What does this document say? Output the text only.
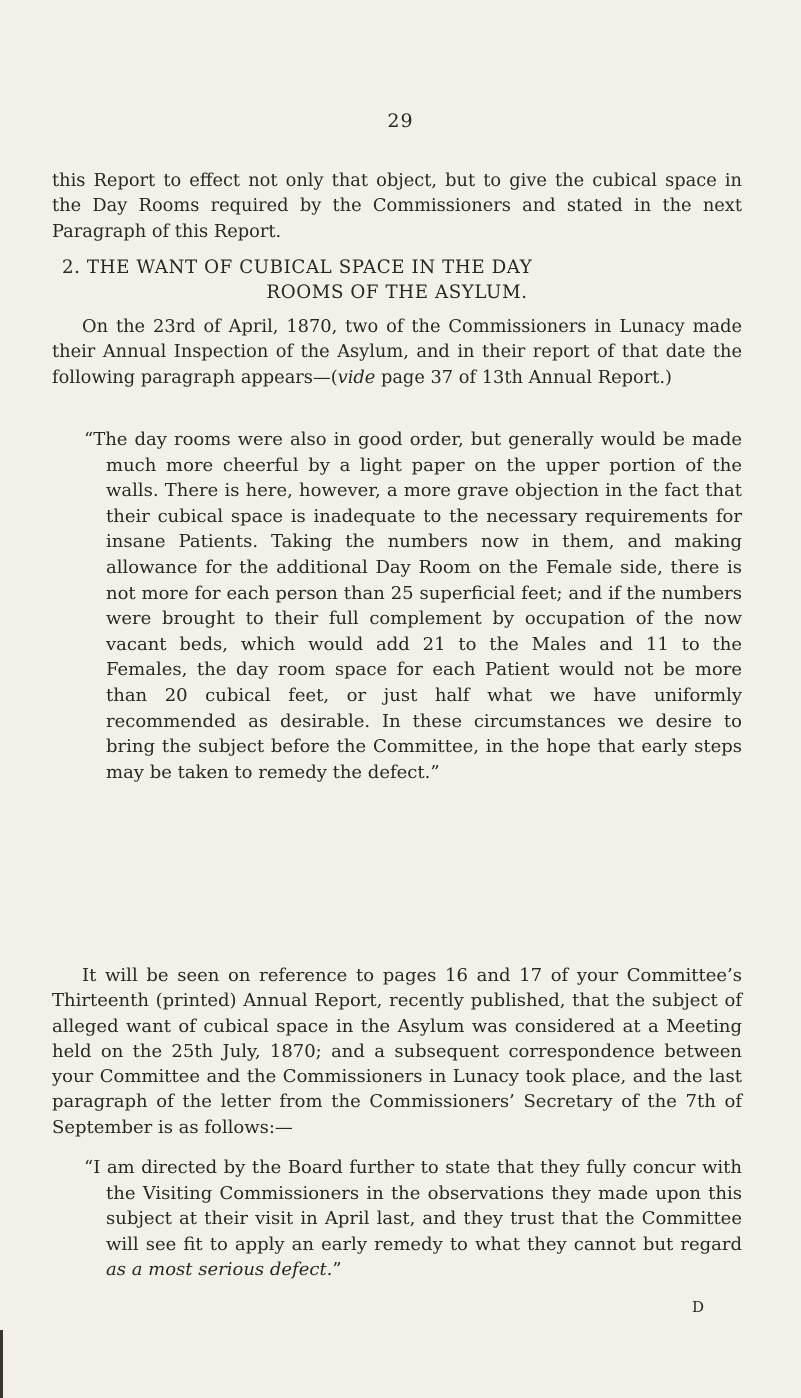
29
this Report to effect not only that object, but to give the cubical space in the Day Rooms required by the Commissioners and stated in the next Paragraph of this Report.
2. THE WANT OF CUBICAL SPACE IN THE DAY
ROOMS OF THE ASYLUM.
On the 23rd of April, 1870, two of the Commissioners in Lunacy made their Annual Inspection of the Asylum, and in their report of that date the following paragraph appears—(vide page 37 of 13th Annual Report.)
“The day rooms were also in good order, but generally would be made much more cheerful by a light paper on the upper portion of the walls. There is here, however, a more grave objection in the fact that their cubical space is inadequate to the necessary requirements for insane Patients. Taking the numbers now in them, and making allowance for the additional Day Room on the Female side, there is not more for each person than 25 superficial feet; and if the numbers were brought to their full complement by occupation of the now vacant beds, which would add 21 to the Males and 11 to the Females, the day room space for each Patient would not be more than 20 cubical feet, or just half what we have uniformly recommended as desirable. In these circumstances we desire to bring the subject before the Committee, in the hope that early steps may be taken to remedy the defect.”
It will be seen on reference to pages 16 and 17 of your Committee’s Thirteenth (printed) Annual Report, recently published, that the subject of alleged want of cubical space in the Asylum was considered at a Meeting held on the 25th July, 1870; and a subsequent correspondence between your Committee and the Commissioners in Lunacy took place, and the last paragraph of the letter from the Commissioners’ Secretary of the 7th of September is as follows:—
“I am directed by the Board further to state that they fully concur with the Visiting Commissioners in the observations they made upon this subject at their visit in April last, and they trust that the Committee will see fit to apply an early remedy to what they cannot but regard as a most serious defect.”
D
